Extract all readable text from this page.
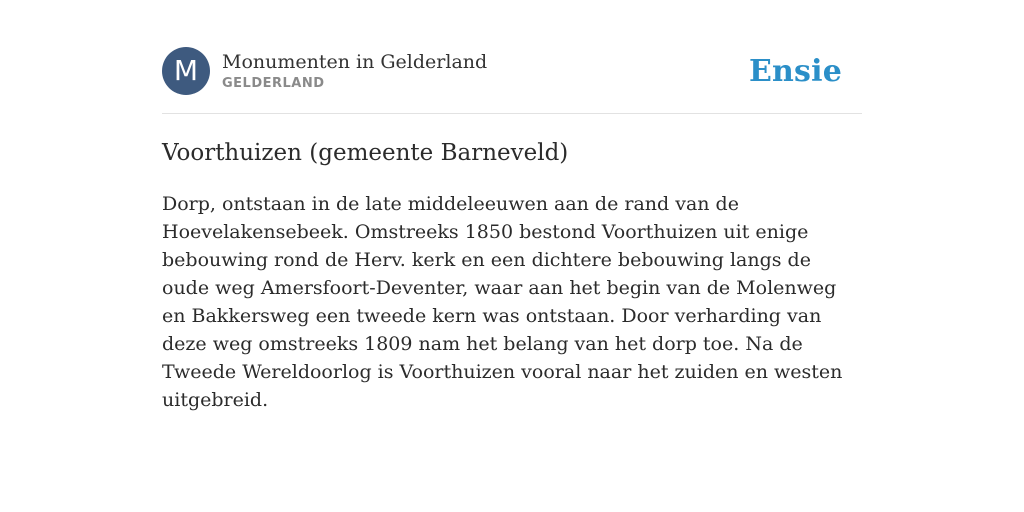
M	Monumenten in Gelderland
GELDERLAND	Ensie
Voorthuizen (gemeente Barneveld)

Dorp, ontstaan in de late middeleeuwen aan de rand van de Hoevelakensebeek. Omstreeks 1850 bestond Voorthuizen uit enige bebouwing rond de Herv. kerk en een dichtere bebouwing langs de oude weg Amersfoort-Deventer, waar aan het begin van de Molenweg en Bakkersweg een tweede kern was ontstaan. Door verharding van deze weg omstreeks 1809 nam het belang van het dorp toe. Na de Tweede Wereldoorlog is Voorthuizen vooral naar het zuiden en westen uitgebreid.
